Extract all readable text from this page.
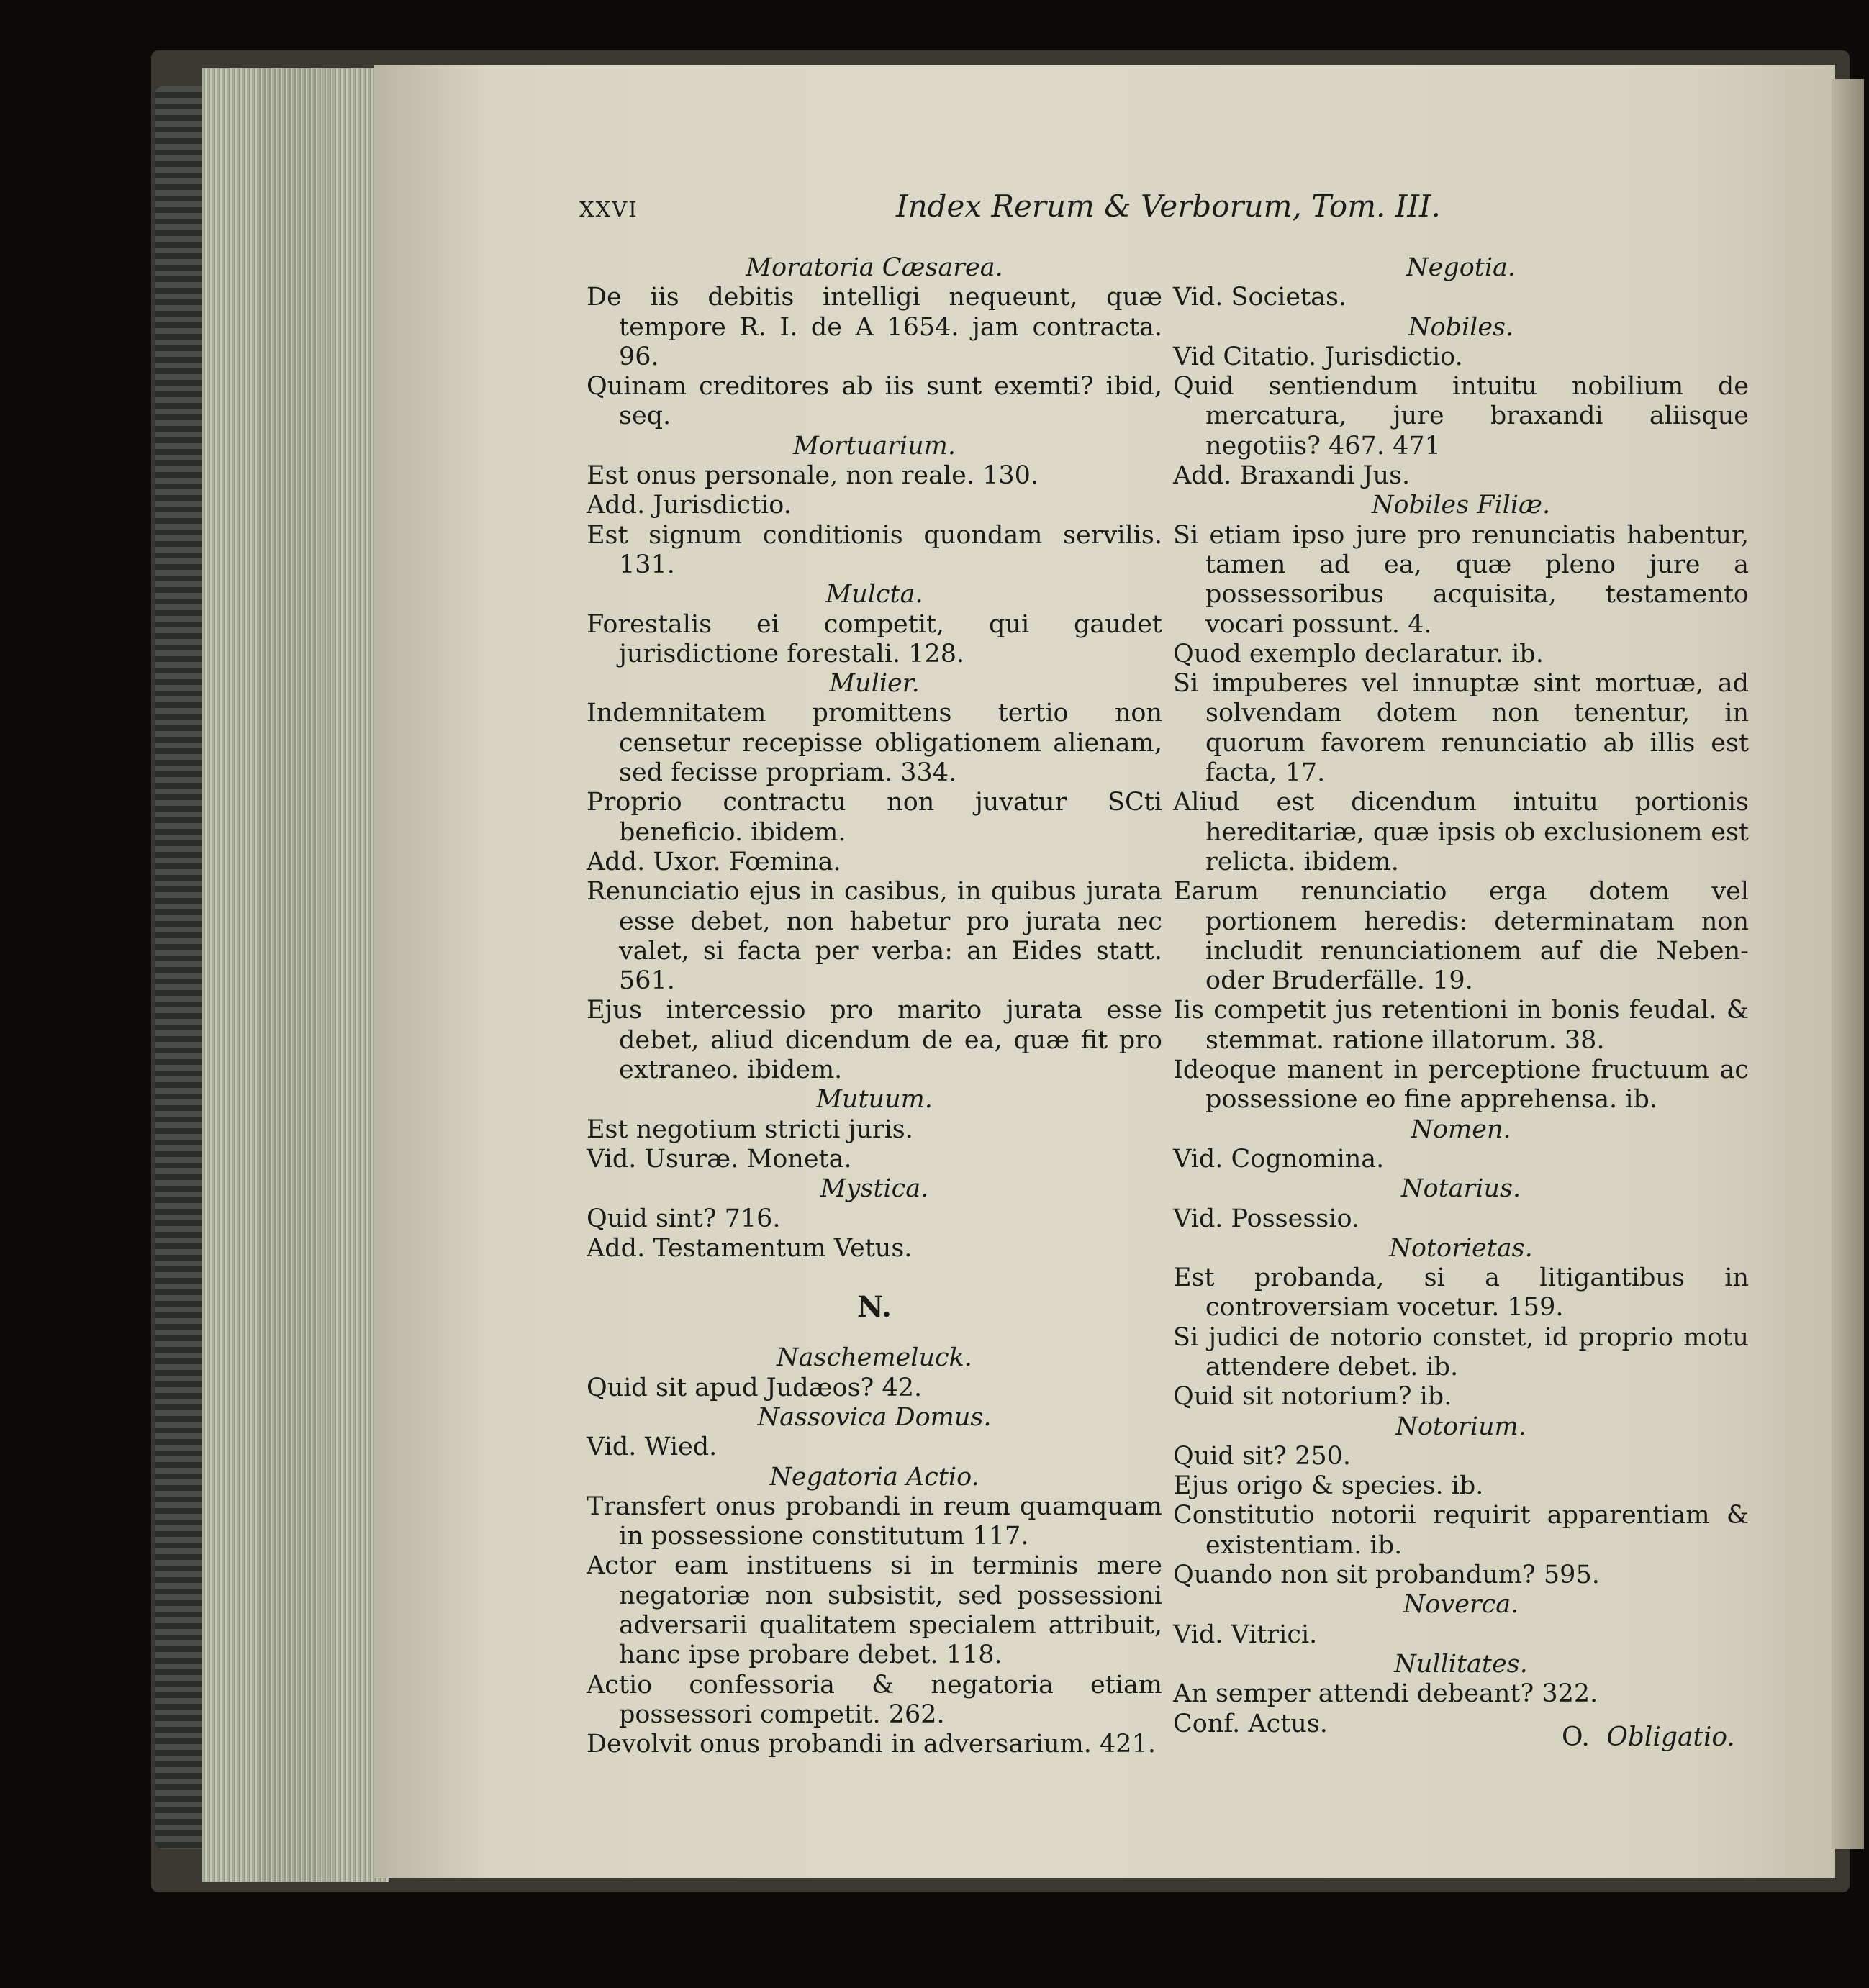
xxvi	Index Rerum & Verborum, Tom. III.

Moratoria Cæsarea.

De iis debitis intelligi nequeunt, quæ tempore R. I. de A 1654. jam contracta. 96.

Quinam creditores ab iis sunt exemti? ibid, seq.

Mortuarium.

Est onus personale, non reale. 130.

Add. Jurisdictio.

Est signum conditionis quondam servilis. 131.

Mulcta.

Forestalis ei competit, qui gaudet jurisdictione forestali. 128.

Mulier.

Indemnitatem promittens tertio non censetur recepisse obligationem alienam, sed fecisse propriam. 334.

Proprio contractu non juvatur SCti beneficio. ibidem.

Add. Uxor. Fœmina.

Renunciatio ejus in casibus, in quibus jurata esse debet, non habetur pro jurata nec valet, si facta per verba: an Eides statt. 561.

Ejus intercessio pro marito jurata esse debet, aliud dicendum de ea, quæ fit pro extraneo. ibidem.

Mutuum.

Est negotium stricti juris.

Vid. Usuræ. Moneta.

Mystica.

Quid sint? 716.

Add. Testamentum Vetus.

N.

Naschemeluck.

Quid sit apud Judæos? 42.

Nassovica Domus.

Vid. Wied.

Negatoria Actio.

Transfert onus probandi in reum quamquam in possessione constitutum 117.

Actor eam instituens si in terminis mere negatoriæ non subsistit, sed possessioni adversarii qualitatem specialem attribuit, hanc ipse probare debet. 118.

Actio confessoria & negatoria etiam possessori competit. 262.

Devolvit onus probandi in adversarium. 421.

Negotia.

Vid. Societas.

Nobiles.

Vid Citatio. Jurisdictio.

Quid sentiendum intuitu nobilium de mercatura, jure braxandi aliisque negotiis? 467. 471

Add. Braxandi Jus.

Nobiles Filiæ.

Si etiam ipso jure pro renunciatis habentur, tamen ad ea, quæ pleno jure a possessoribus acquisita, testamento vocari possunt. 4.

Quod exemplo declaratur. ib.

Si impuberes vel innuptæ sint mortuæ, ad solvendam dotem non tenentur, in quorum favorem renunciatio ab illis est facta, 17.

Aliud est dicendum intuitu portionis hereditariæ, quæ ipsis ob exclusionem est relicta. ibidem.

Earum renunciatio erga dotem vel portionem heredis: determinatam non includit renunciationem auf die Neben- oder Bruderfälle. 19.

Iis competit jus retentioni in bonis feudal. & stemmat. ratione illatorum. 38.

Ideoque manent in perceptione fructuum ac possessione eo fine apprehensa. ib.

Nomen.

Vid. Cognomina.

Notarius.

Vid. Possessio.

Notorietas.

Est probanda, si a litigantibus in controversiam vocetur. 159.

Si judici de notorio constet, id proprio motu attendere debet. ib.

Quid sit notorium? ib.

Notorium.

Quid sit? 250.

Ejus origo & species. ib.

Constitutio notorii requirit apparentiam & existentiam. ib.

Quando non sit probandum? 595.

Noverca.

Vid. Vitrici.

Nullitates.

An semper attendi debeant? 322.

Conf. Actus.	O. Obligatio.
